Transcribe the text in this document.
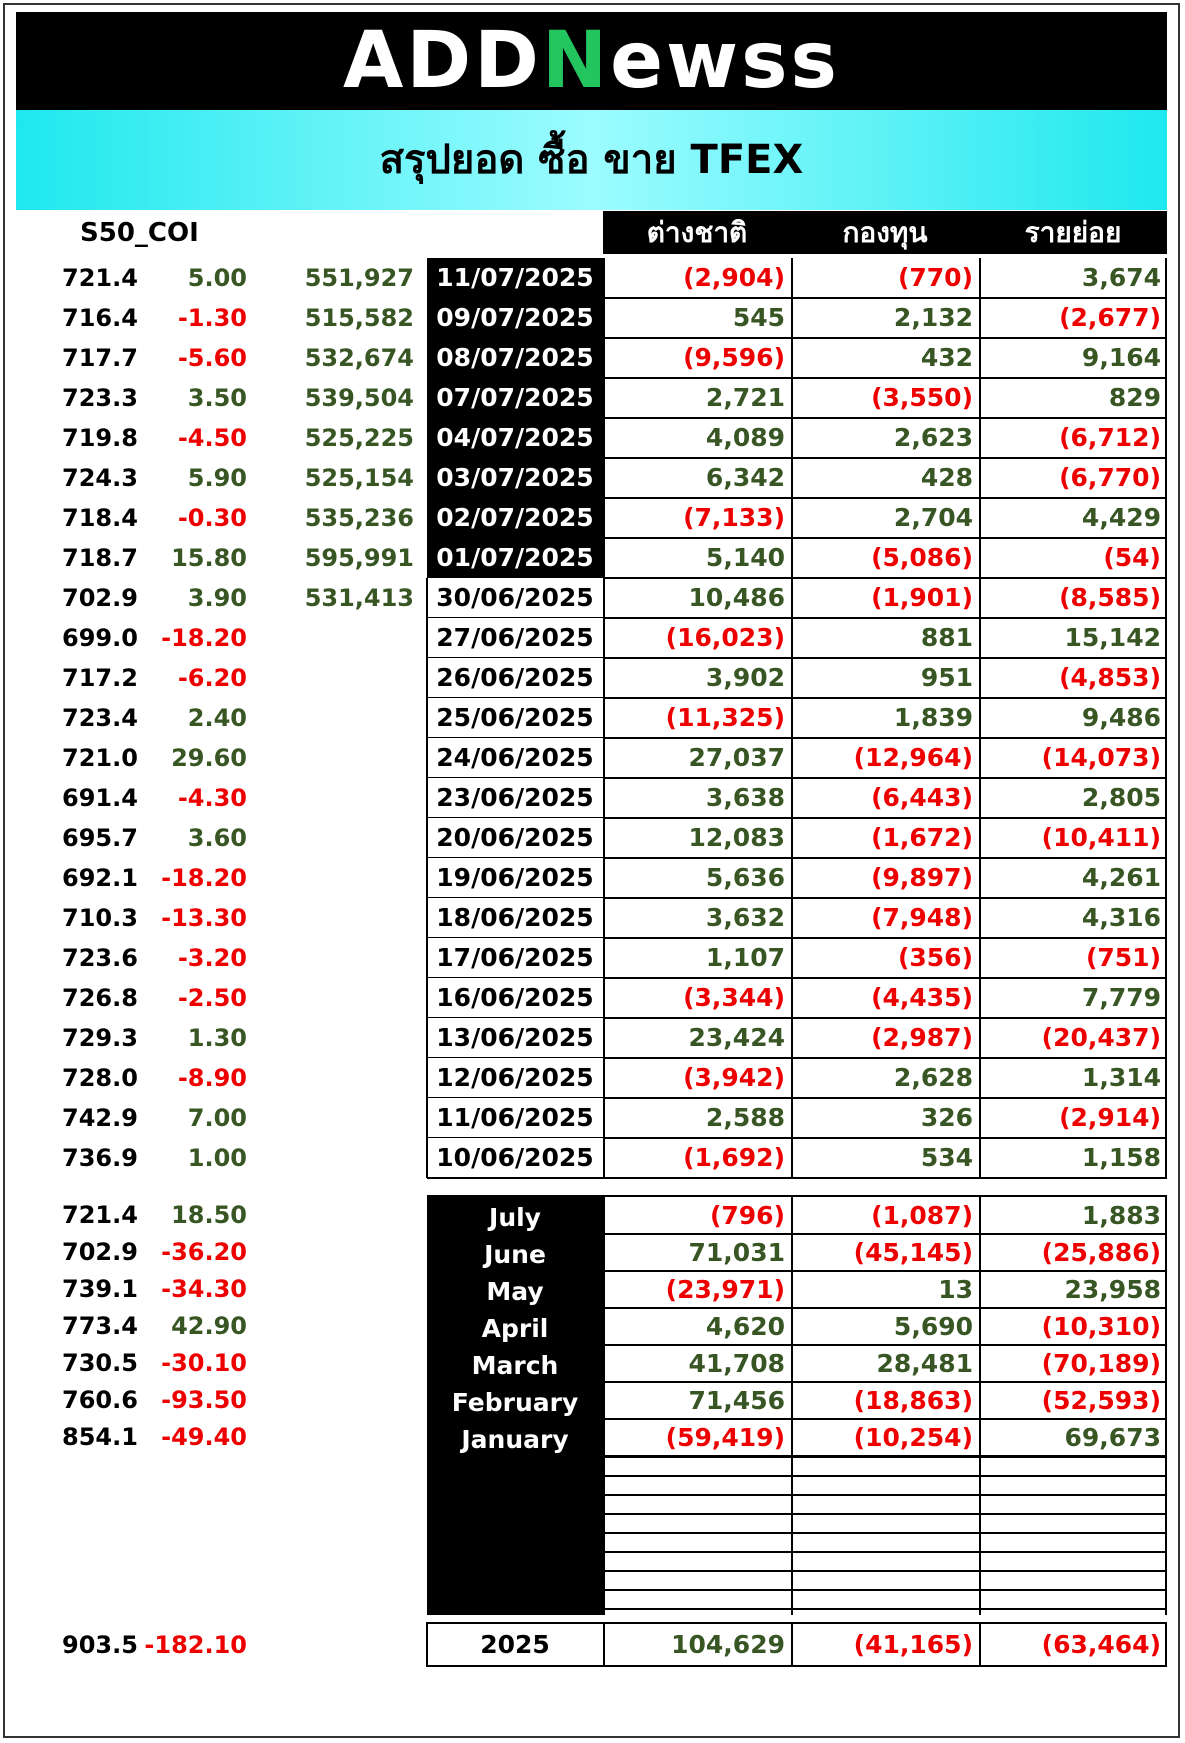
ADDNewss
สรุปยอด ซื้อ ขาย TFEX
S50_COI	ต่างชาติ	กองทุน	รายย่อย
721.4	5.00	551,927 11/07/2025	(2,904)	(770)	3,674
716.4	-1.30	515,582 09/07/2025	545	2,132	(2,677)
717.7	-5.60	532,674 08/07/2025	(9,596)	432	9,164
723.3	3.50	539,504 07/07/2025	2,721	(3,550)	829
719.8	-4.50	525,225 04/07/2025	4,089	2,623	(6,712)
724.3	5.90	525,154 03/07/2025	6,342	428	(6,770)
718.4	-0.30	535,236 02/07/2025	(7,133)	2,704	4,429
718.7	15.80	595,991 01/07/2025	5,140	(5,086)	(54)
702.9	3.90	531,413 30/06/2025	10,486	(1,901)	(8,585)
699.0 -18.20	27/06/2025	(16,023)	881	15,142
717.2	-6.20	26/06/2025	3,902	951	(4,853)
723.4	2.40	25/06/2025	(11,325)	1,839	9,486
721.0	29.60	24/06/2025	27,037	(12,964)	(14,073)
691.4	-4.30	23/06/2025	3,638	(6,443)	2,805
695.7	3.60	20/06/2025	12,083	(1,672)	(10,411)
692.1 -18.20	19/06/2025	5,636	(9,897)	4,261
710.3 -13.30	18/06/2025	3,632	(7,948)	4,316
723.6	-3.20	17/06/2025	1,107	(356)	(751)
726.8	-2.50	16/06/2025	(3,344)	(4,435)	7,779
729.3	1.30	13/06/2025	23,424	(2,987)	(20,437)
728.0	-8.90	12/06/2025	(3,942)	2,628	1,314
742.9	7.00	11/06/2025	2,588	326	(2,914)
736.9	1.00	10/06/2025	(1,692)	534	1,158
721.4	18.50	July	(796)	(1,087)	1,883
702.9 -36.20	June	71,031	(45,145)	(25,886)
739.1 -34.30	May	(23,971)	13	23,958
773.4	42.90	April	4,620	5,690	(10,310)
730.5 -30.10	March	41,708	28,481	(70,189)
760.6 -93.50	February	71,456	(18,863)	(52,593)
854.1 -49.40	January	(59,419)	(10,254)	69,673
903.5 -182.10	2025	104,629	(41,165)	(63,464)
